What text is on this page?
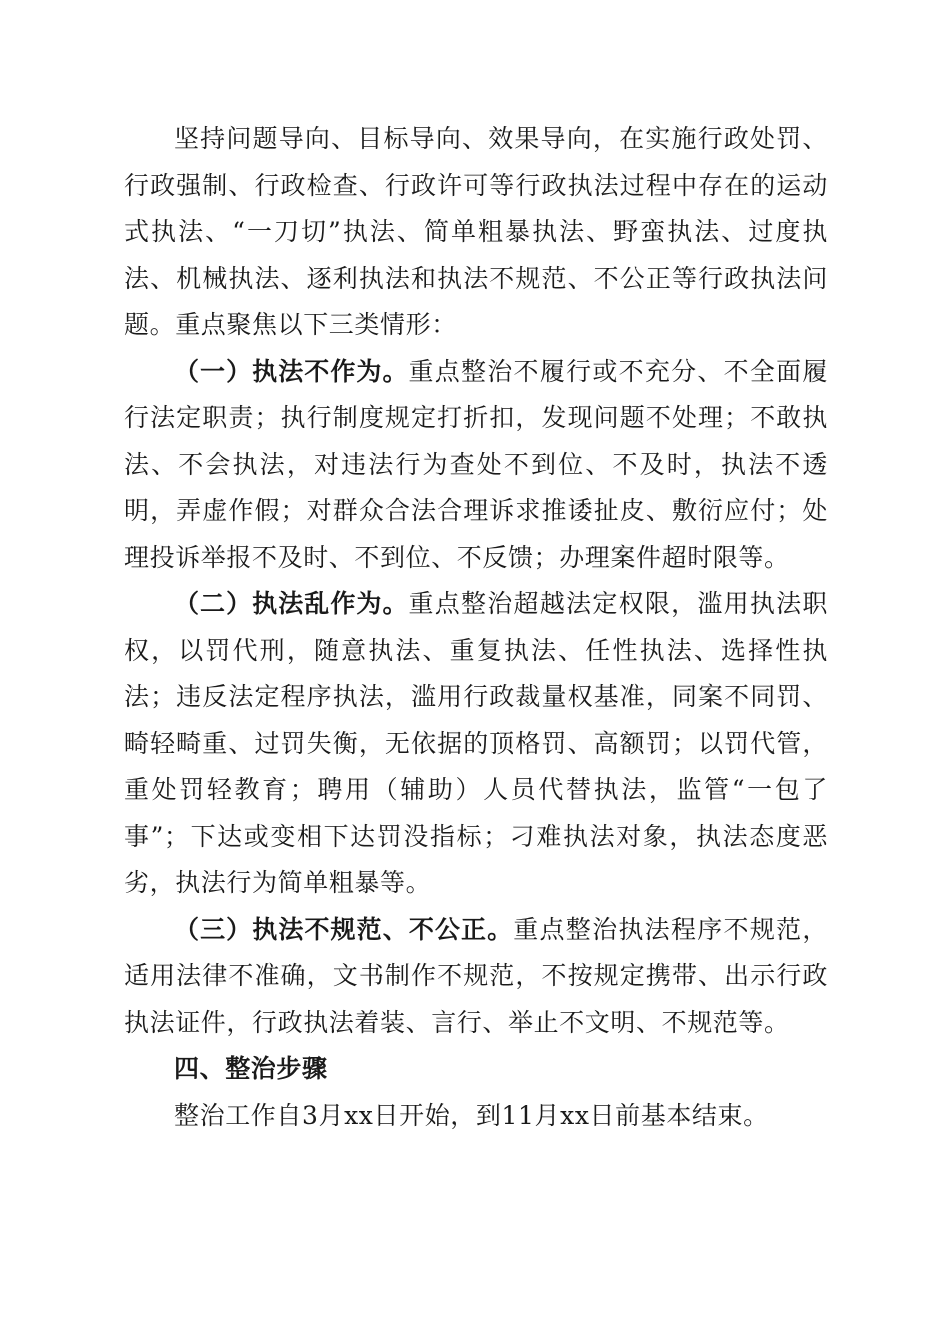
坚持问题导向、目标导向、效果导向，在实施行政处罚、行政强制、行政检查、行政许可等行政执法过程中存在的运动式执法、“一刀切”执法、简单粗暴执法、野蛮执法、过度执法、机械执法、逐利执法和执法不规范、不公正等行政执法问题。重点聚焦以下三类情形：

（一）执法不作为。重点整治不履行或不充分、不全面履行法定职责；执行制度规定打折扣，发现问题不处理；不敢执法、不会执法，对违法行为查处不到位、不及时，执法不透明，弄虚作假；对群众合法合理诉求推诿扯皮、敷衍应付；处理投诉举报不及时、不到位、不反馈；办理案件超时限等。

（二）执法乱作为。重点整治超越法定权限，滥用执法职权，以罚代刑，随意执法、重复执法、任性执法、选择性执法；违反法定程序执法，滥用行政裁量权基准，同案不同罚、畸轻畸重、过罚失衡，无依据的顶格罚、高额罚；以罚代管，重处罚轻教育；聘用（辅助）人员代替执法，监管“一包了事”；下达或变相下达罚没指标；刁难执法对象，执法态度恶劣，执法行为简单粗暴等。

（三）执法不规范、不公正。重点整治执法程序不规范，适用法律不准确，文书制作不规范，不按规定携带、出示行政执法证件，行政执法着装、言行、举止不文明、不规范等。

四、整治步骤

整治工作自3月xx日开始，到11月xx日前基本结束。
